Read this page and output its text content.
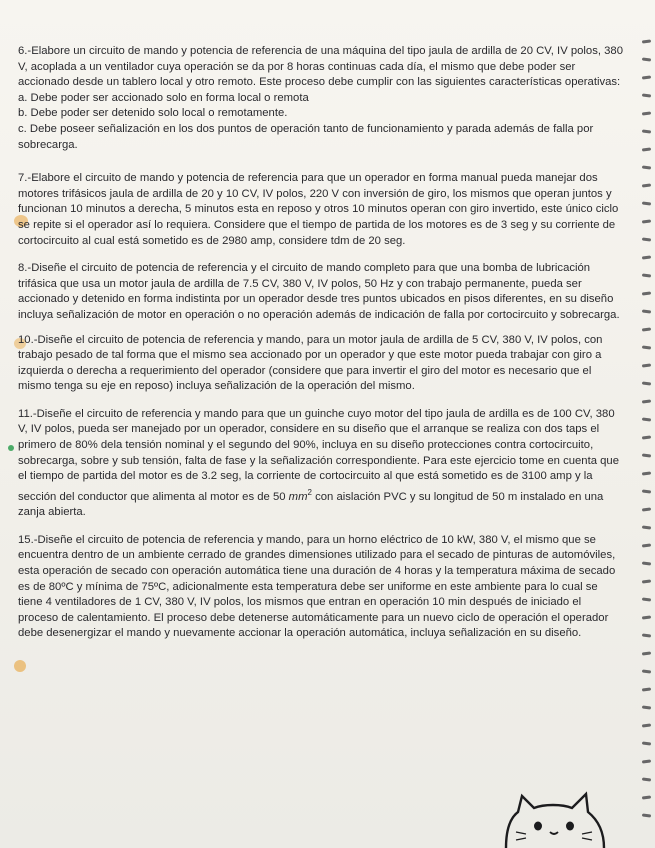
6.-Elabore un circuito de mando y potencia de referencia de una máquina del tipo jaula de ardilla de 20 CV, IV polos, 380 V, acoplada a un ventilador cuya operación se da por 8 horas continuas cada día, el mismo que debe poder ser accionado desde un tablero local y otro remoto. Este proceso debe cumplir con las siguientes características operativas:

a. Debe poder ser accionado solo en forma local o remota

b. Debe poder ser detenido solo local o remotamente.

c. Debe poseer señalización en los dos puntos de operación tanto de funcionamiento y parada además de falla por sobrecarga.

7.-Elabore el circuito de mando y potencia de referencia para que un operador en forma manual pueda manejar dos motores trifásicos jaula de ardilla de 20 y 10 CV, IV polos, 220 V con inversión de giro, los mismos que operan juntos y funcionan 10 minutos a derecha, 5 minutos esta en reposo y otros 10 minutos operan con giro invertido, este único ciclo se repite si el operador así lo requiera. Considere que el tiempo de partida de los motores es de 3 seg y su corriente de cortocircuito al cual está sometido es de 2980 amp, considere tdm de 20 seg.

8.-Diseñe el circuito de potencia de referencia y el circuito de mando completo para que una bomba de lubricación trifásica que usa un motor jaula de ardilla de 7.5 CV, 380 V, IV polos, 50 Hz y con trabajo permanente, pueda ser accionado y detenido en forma indistinta por un operador desde tres puntos ubicados en pisos diferentes, en su diseño incluya señalización de motor en operación o no operación además de indicación de falla por cortocircuito y sobrecarga.

10.-Diseñe el circuito de potencia de referencia y mando, para un motor jaula de ardilla de 5 CV, 380 V, IV polos, con trabajo pesado de tal forma que el mismo sea accionado por un operador y que este motor pueda trabajar con giro a izquierda o derecha a requerimiento del operador (considere que para invertir el giro del motor es necesario que el mismo tenga su eje en reposo) incluya señalización de la operación del mismo.

11.-Diseñe el circuito de referencia y mando para que un guinche cuyo motor del tipo jaula de ardilla es de 100 CV, 380 V, IV polos, pueda ser manejado por un operador, considere en su diseño que el arranque se realiza con dos taps el primero de 80% dela tensión nominal y el segundo del 90%, incluya en su diseño protecciones contra cortocircuito, sobrecarga, sobre y sub tensión, falta de fase y la señalización correspondiente. Para este ejercicio tome en cuenta que el tiempo de partida del motor es de 3.2 seg, la corriente de cortocircuito al que está sometido es de 3100 amp y la sección del conductor que alimenta al motor es de 50 $mm^2$ con aislación PVC y su longitud de 50 m instalado en una zanja abierta.

15.-Diseñe el circuito de potencia de referencia y mando, para un horno eléctrico de 10 kW, 380 V, el mismo que se encuentra dentro de un ambiente cerrado de grandes dimensiones utilizado para el secado de pinturas de automóviles, esta operación de secado con operación automática tiene una duración de 4 horas y la temperatura máxima de secado es de 80ºC y mínima de 75ºC, adicionalmente esta temperatura debe ser uniforme en este ambiente para lo cual se tiene 4 ventiladores de 1 CV, 380 V, IV polos, los mismos que entran en operación 10 min después de iniciado el proceso de calentamiento. El proceso debe detenerse automáticamente para un nuevo ciclo de operación el operador debe desenergizar el mando y nuevamente accionar la operación automática, incluya señalización en su diseño.
